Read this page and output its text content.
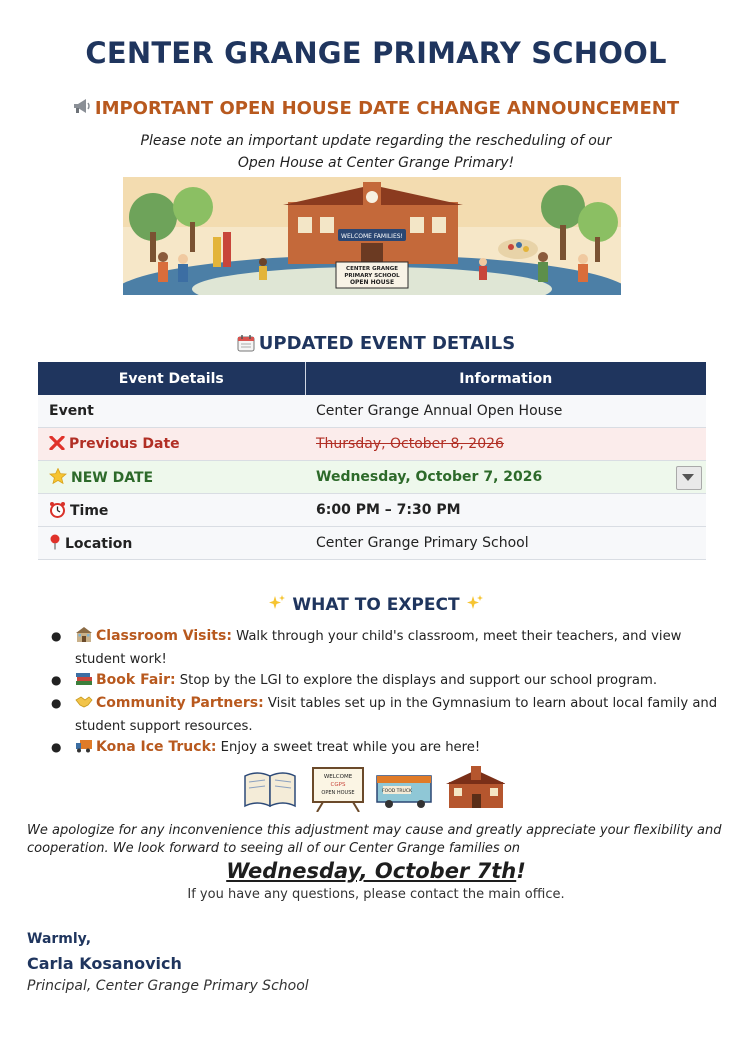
CENTER GRANGE PRIMARY SCHOOL
IMPORTANT OPEN HOUSE DATE CHANGE ANNOUNCEMENT
Please note an important update regarding the rescheduling of our
Open House at Center Grange Primary!
WELCOME FAMILIES!
CENTER GRANGE
PRIMARY SCHOOL
OPEN HOUSE
UPDATED EVENT DETAILS
Event Details	Information
Event	Center Grange Annual Open House
Previous Date	Thursday, October 8, 2026
NEW DATE	Wednesday, October 7, 2026

Time	6:00 PM – 7:30 PM
Location	Center Grange Primary School
WHAT TO EXPECT
● Classroom Visits: Walk through your child's classroom, meet their teachers, and view student work!
● Book Fair: Stop by the LGI to explore the displays and support our school program.
● Community Partners: Visit tables set up in the Gymnasium to learn about local family and student support resources.
● Kona Ice Truck: Enjoy a sweet treat while you are here!
WELCOME
CGPS
OPEN HOUSE	FOOD TRUCK
We apologize for any inconvenience this adjustment may cause and greatly appreciate your flexibility and cooperation. We look forward to seeing all of our Center Grange families on
Wednesday, October 7th!
If you have any questions, please contact the main office.
Warmly,
Carla Kosanovich
Principal, Center Grange Primary School
